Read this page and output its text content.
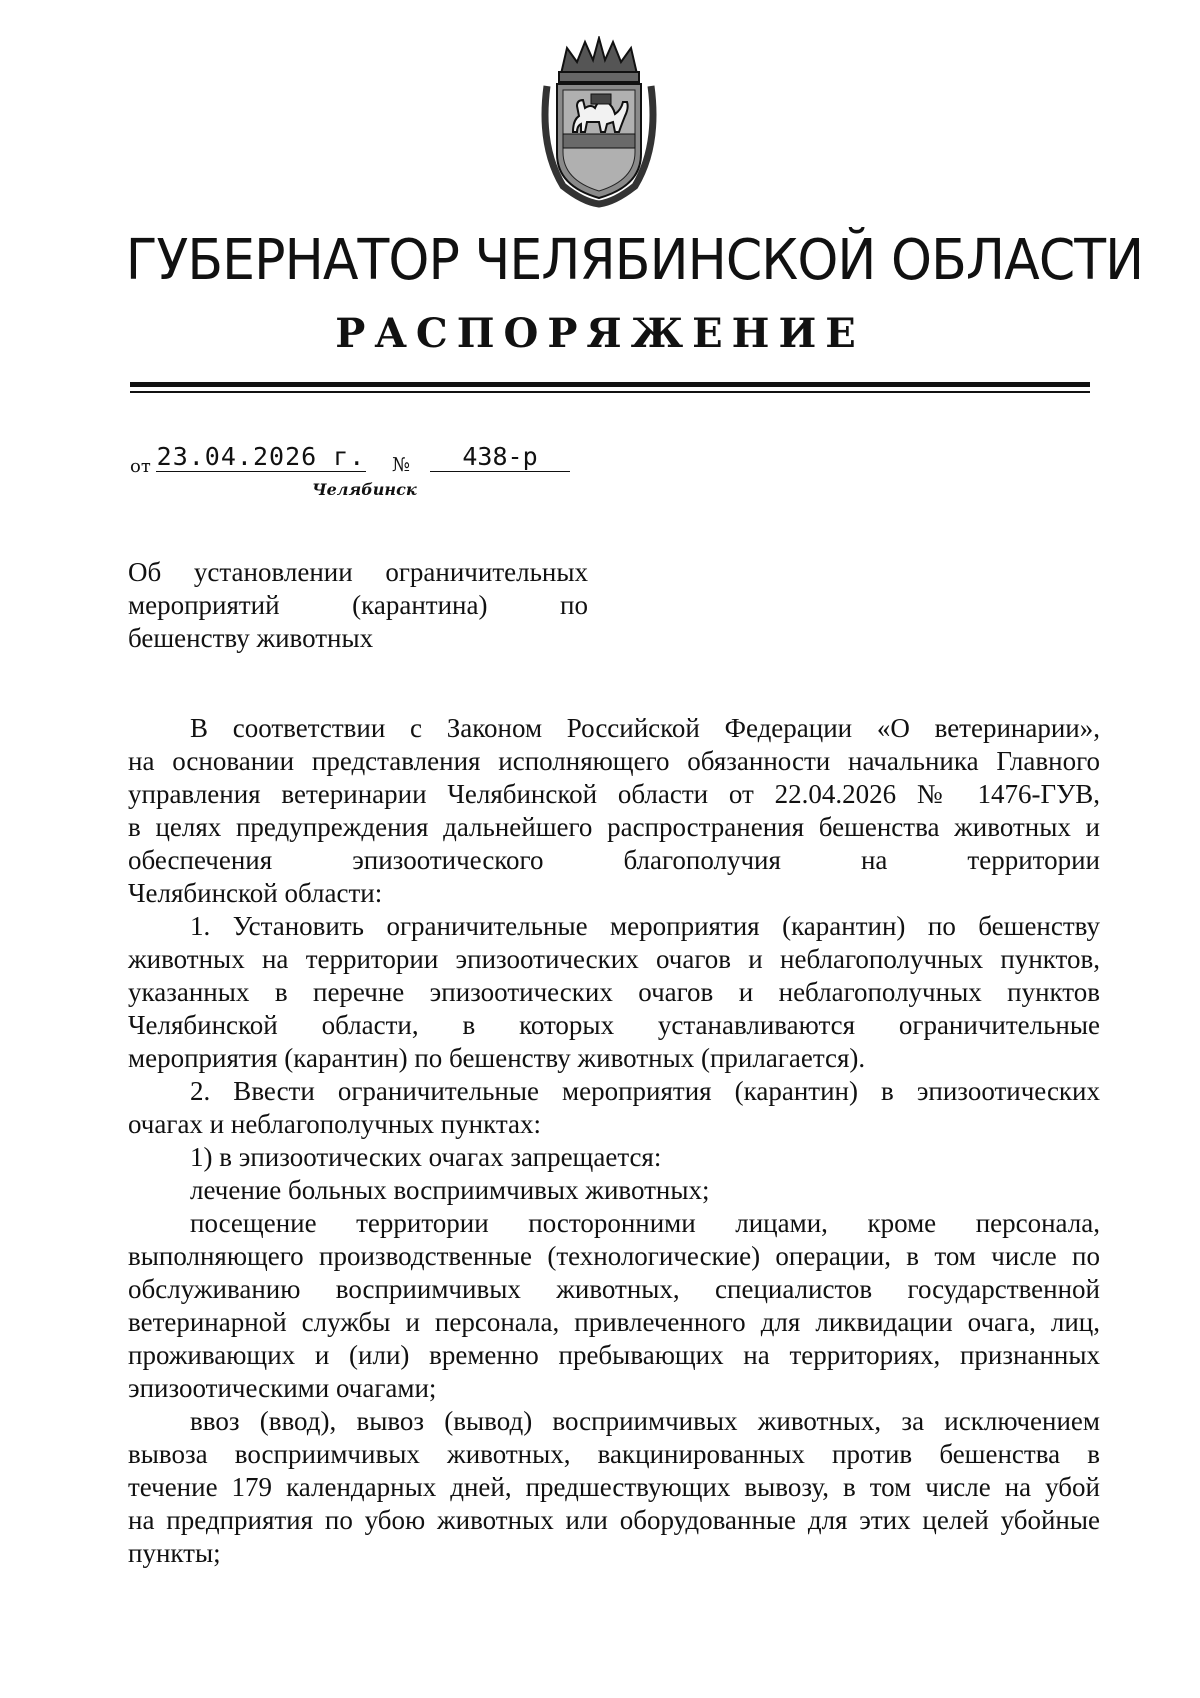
ГУБЕРНАТОР ЧЕЛЯБИНСКОЙ ОБЛАСТИ
РАСПОРЯЖЕНИЕ
от 23.04.2026 г. №	438-р
Челябинск
Об установлении ограничительных
мероприятий (карантина) по
бешенству животных
В соответствии с Законом Российской Федерации «О ветеринарии»,
на основании представления исполняющего обязанности начальника Главного
управления ветеринарии Челябинской области от 22.04.2026 № 1476-ГУВ,
в целях предупреждения дальнейшего распространения бешенства животных и
обеспечения эпизоотического благополучия на территории
Челябинской области:
1. Установить ограничительные мероприятия (карантин) по бешенству
животных на территории эпизоотических очагов и неблагополучных пунктов,
указанных в перечне эпизоотических очагов и неблагополучных пунктов
Челябинской области, в которых устанавливаются ограничительные
мероприятия (карантин) по бешенству животных (прилагается).
2. Ввести ограничительные мероприятия (карантин) в эпизоотических
очагах и неблагополучных пунктах:
1) в эпизоотических очагах запрещается:
лечение больных восприимчивых животных;
посещение территории посторонними лицами, кроме персонала,
выполняющего производственные (технологические) операции, в том числе по
обслуживанию восприимчивых животных, специалистов государственной
ветеринарной службы и персонала, привлеченного для ликвидации очага, лиц,
проживающих и (или) временно пребывающих на территориях, признанных
эпизоотическими очагами;
ввоз (ввод), вывоз (вывод) восприимчивых животных, за исключением
вывоза восприимчивых животных, вакцинированных против бешенства в
течение 179 календарных дней, предшествующих вывозу, в том числе на убой
на предприятия по убою животных или оборудованные для этих целей убойные
пункты;
